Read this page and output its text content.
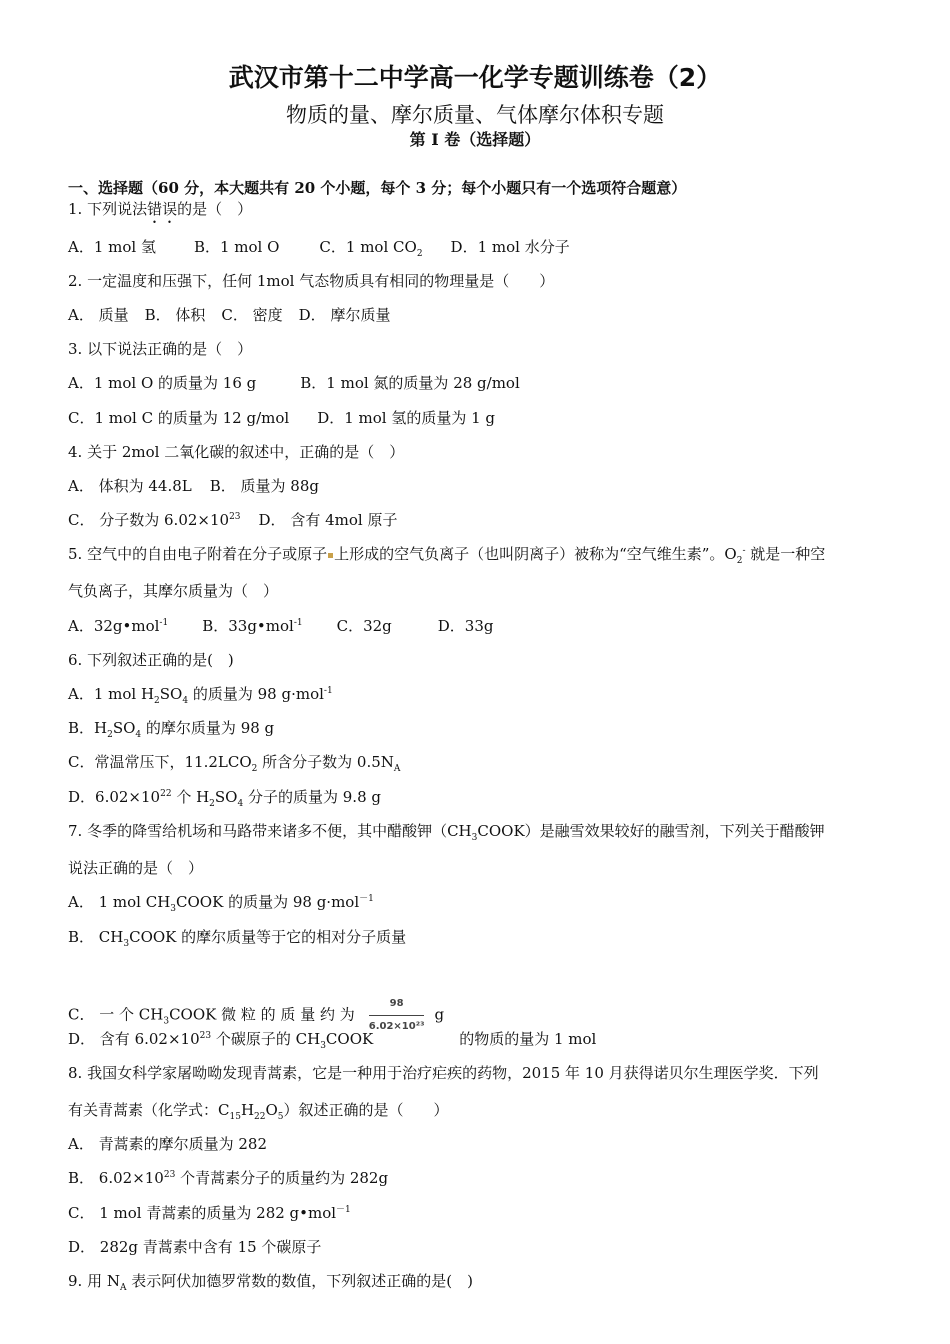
武汉市第十二中学高一化学专题训练卷（2）
物质的量、摩尔质量、气体摩尔体积专题
第 I 卷（选择题）
一、选择题（60 分，本大题共有 20 个小题，每个 3 分；每个小题只有一个选项符合题意）
1. 下列说法错误的是（　）
A．1 mol 氢	B．1 mol O	C．1 mol $CO_2$ D．1 mol 水分子
2. 一定温度和压强下，任何 1mol 气态物质具有相同的物理量是（　　）
A． 质量 B． 体积 C． 密度 D． 摩尔质量
3. 以下说法正确的是（　）
A．1 mol O 的质量为 16 g	B．1 mol 氮的质量为 28 g/mol
C．1 mol C 的质量为 12 g/mol D．1 mol 氢的质量为 1 g
4. 关于 2mol 二氧化碳的叙述中，正确的是（　）
A． 体积为 44.8L B． 质量为 88g
C． 分子数为 $6.02\times 10^{23}$ D． 含有 4mol 原子
5. 空气中的自由电子附着在分子或原子 上形成的空气负离子（也叫阴离子）被称为“空气维生素”。$O_2^-$ 就是一种空
气负离子，其摩尔质量为（　）
A．32g•mol$^{-1}$ B．33g•mol$^{-1}$ C．32g	D．33g
6. 下列叙述正确的是(　)
A．1 mol $H_2SO_4$ 的质量为 98 g·mol$^{-1}$
B．$H_2SO_4$ 的摩尔质量为 98 g
C．常温常压下，$11.2LCO_2$ 所含分子数为 $0.5N_A$
D．$6.02\times 10^{22}$ 个 $H_2SO_4$ 分子的质量为 9.8 g
7. 冬季的降雪给机场和马路带来诸多不便，其中醋酸钾$(CH_3COOK)$是融雪效果较好的融雪剂，下列关于醋酸钾
说法正确的是（　）
A． 1 mol $CH_3COOK$ 的质量为 98 g·mol$^{-1}$
B． $CH_3COOK$ 的摩尔质量等于它的相对分子质量
C． 一 个 $CH_3COOK$ 微 粒 的 质 量 约 为 $\frac{98}{\text{6.02×10²³}}$ g
D． 含有 $6.02\times 10^{23}$ 个碳原子的 $CH_3COOK$	的物质的量为 1 mol
8. 我国女科学家屠呦呦发现青蒿素，它是一种用于治疗疟疾的药物，2015 年 10 月获得诺贝尔生理医学奖．下列
有关青蒿素（化学式：$C_{15}H_{22}O_5$）叙述正确的是（　　）
A． 青蒿素的摩尔质量为 282
B． $6.02\times 10^{23}$ 个青蒿素分子的质量约为 282g
C． 1 mol 青蒿素的质量为 282 g•mol$^{-1}$
D． 282g 青蒿素中含有 15 个碳原子
9. 用 $N_A$ 表示阿伏加德罗常数的数值，下列叙述正确的是(　)
